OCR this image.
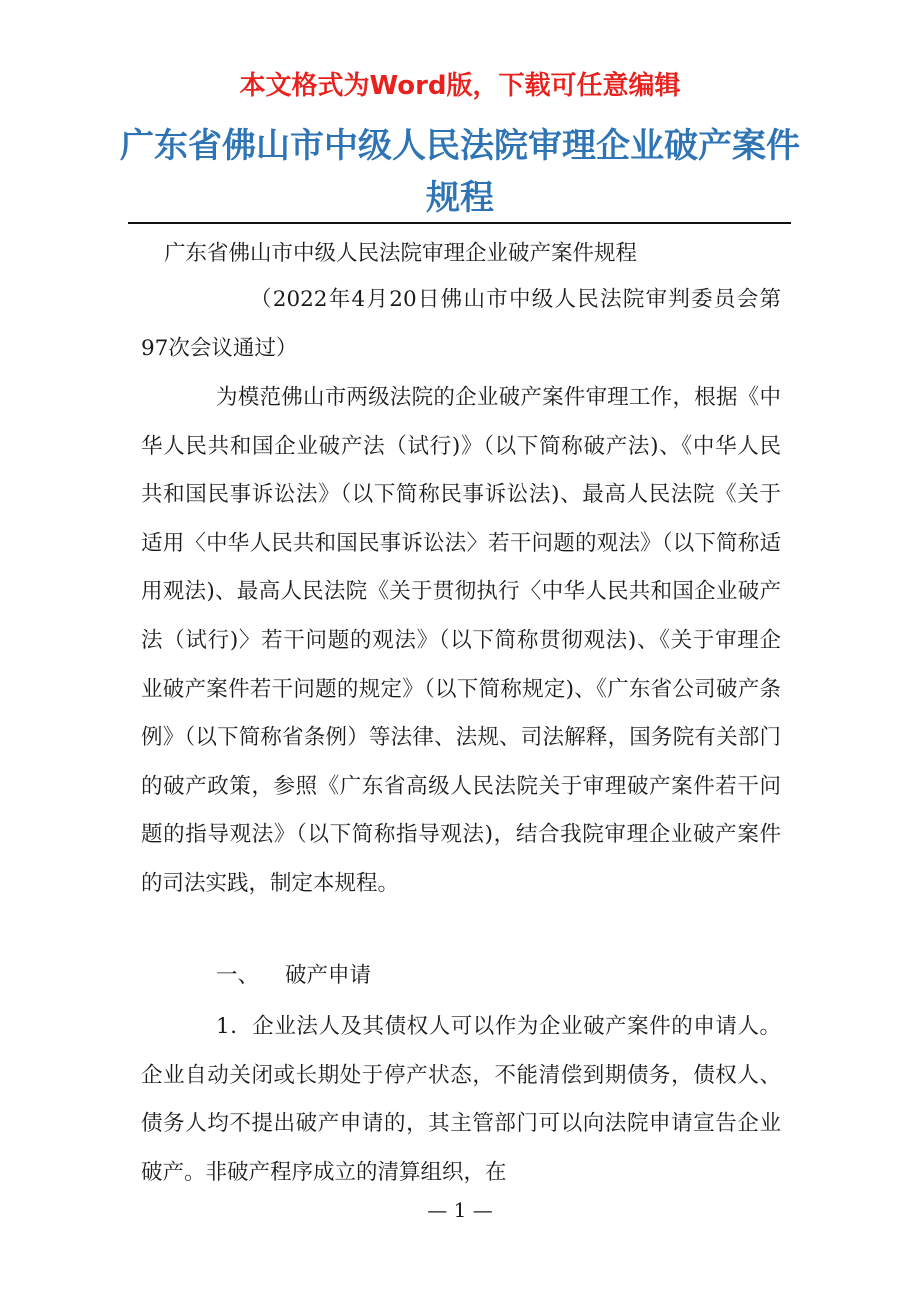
本文格式为Word版，下载可任意编辑
广东省佛山市中级人民法院审理企业破产案件规程
广东省佛山市中级人民法院审理企业破产案件规程

（2022年4月20日佛山市中级人民法院审判委员会第97次会议通过）

为模范佛山市两级法院的企业破产案件审理工作，根据《中华人民共和国企业破产法（试行)》（以下简称破产法)、《中华人民共和国民事诉讼法》（以下简称民事诉讼法)、最高人民法院《关于适用〈中华人民共和国民事诉讼法〉若干问题的观法》（以下简称适用观法)、最高人民法院《关于贯彻执行〈中华人民共和国企业破产法（试行)〉若干问题的观法》（以下简称贯彻观法)、《关于审理企业破产案件若干问题的规定》（以下简称规定)、《广东省公司破产条例》（以下简称省条例）等法律、法规、司法解释，国务院有关部门的破产政策，参照《广东省高级人民法院关于审理破产案件若干问题的指导观法》（以下简称指导观法)，结合我院审理企业破产案件的司法实践，制定本规程。

一、 破产申请

1．企业法人及其债权人可以作为企业破产案件的申请人。企业自动关闭或长期处于停产状态，不能清偿到期债务，债权人、债务人均不提出破产申请的，其主管部门可以向法院申请宣告企业破产。非破产程序成立的清算组织，在

— 1 —
